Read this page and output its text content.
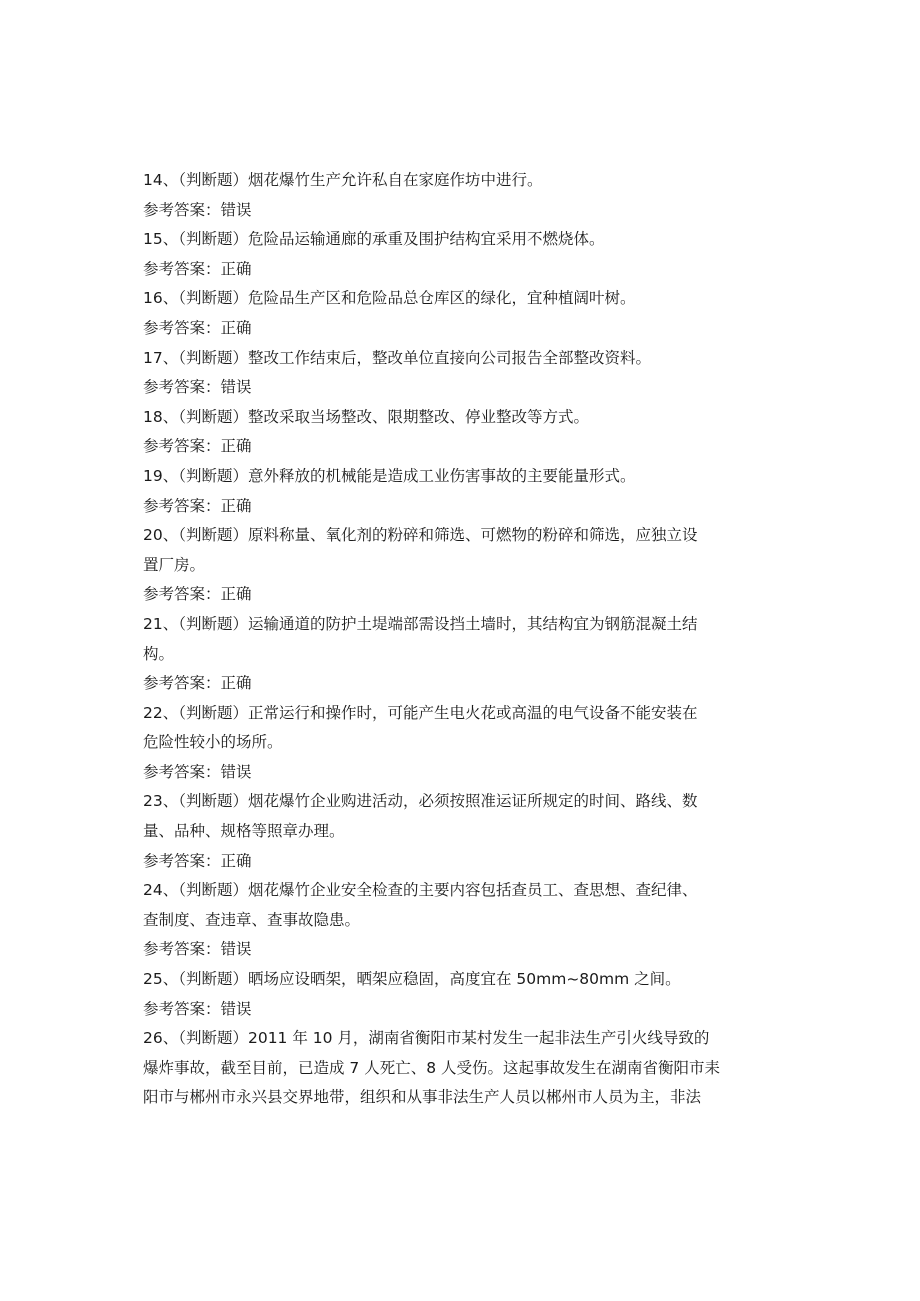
14、（判断题）烟花爆竹生产允许私自在家庭作坊中进行。
参考答案：错误
15、（判断题）危险品运输通廊的承重及围护结构宜采用不燃烧体。
参考答案：正确
16、（判断题）危险品生产区和危险品总仓库区的绿化，宜种植阔叶树。
参考答案：正确
17、（判断题）整改工作结束后，整改单位直接向公司报告全部整改资料。
参考答案：错误
18、（判断题）整改采取当场整改、限期整改、停业整改等方式。
参考答案：正确
19、（判断题）意外释放的机械能是造成工业伤害事故的主要能量形式。
参考答案：正确
20、（判断题）原料称量、氧化剂的粉碎和筛选、可燃物的粉碎和筛选，应独立设
置厂房。
参考答案：正确
21、（判断题）运输通道的防护土堤端部需设挡土墙时，其结构宜为钢筋混凝土结
构。
参考答案：正确
22、（判断题）正常运行和操作时，可能产生电火花或高温的电气设备不能安装在
危险性较小的场所。
参考答案：错误
23、（判断题）烟花爆竹企业购进活动，必须按照准运证所规定的时间、路线、数
量、品种、规格等照章办理。
参考答案：正确
24、（判断题）烟花爆竹企业安全检查的主要内容包括查员工、查思想、查纪律、
查制度、查违章、查事故隐患。
参考答案：错误
25、（判断题）晒场应设晒架，晒架应稳固，高度宜在 50mm~80mm 之间。
参考答案：错误
26、（判断题）2011 年 10 月，湖南省衡阳市某村发生一起非法生产引火线导致的
爆炸事故，截至目前，已造成 7 人死亡、8 人受伤。这起事故发生在湖南省衡阳市耒
阳市与郴州市永兴县交界地带，组织和从事非法生产人员以郴州市人员为主，非法
